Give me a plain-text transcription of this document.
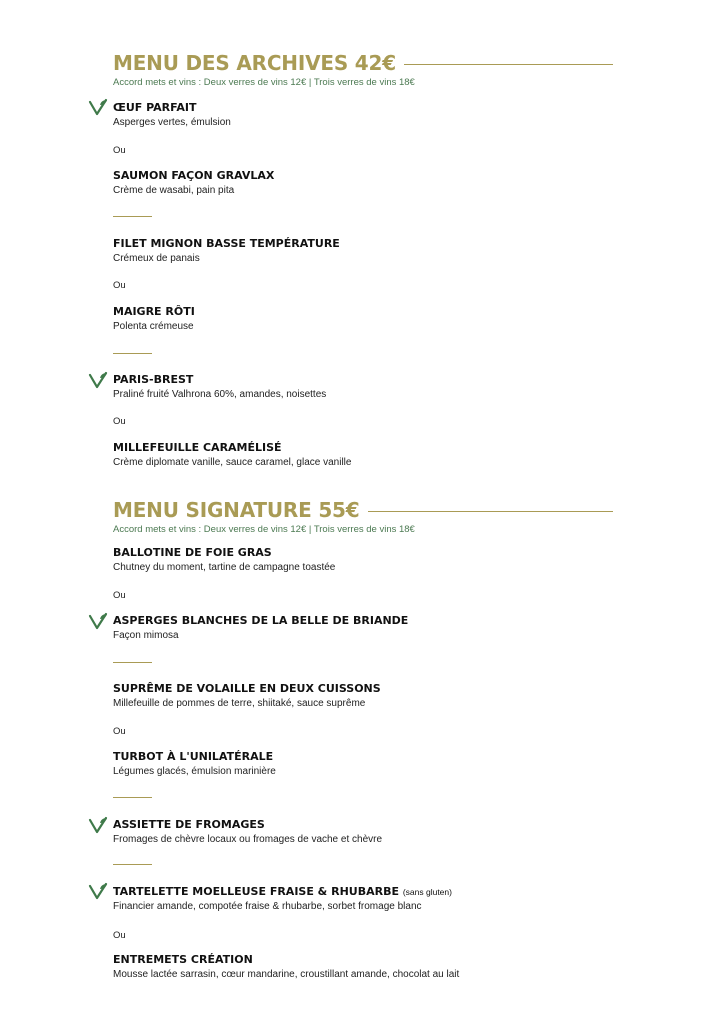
MENU DES ARCHIVES 42€
Accord mets et vins : Deux verres de vins 12€ | Trois verres de vins 18€
ŒUF PARFAIT
Asperges vertes, émulsion
Ou
SAUMON FAÇON GRAVLAX
Crème de wasabi, pain pita
FILET MIGNON BASSE TEMPÉRATURE
Crémeux de panais
Ou
MAIGRE RÔTI
Polenta crémeuse
PARIS-BREST
Praliné fruité Valhrona 60%, amandes, noisettes
Ou
MILLEFEUILLE CARAMÉLISÉ
Crème diplomate vanille, sauce caramel, glace vanille
MENU SIGNATURE 55€
Accord mets et vins : Deux verres de vins 12€ | Trois verres de vins 18€
BALLOTINE DE FOIE GRAS
Chutney du moment, tartine de campagne toastée
Ou
ASPERGES BLANCHES DE LA BELLE DE BRIANDE
Façon mimosa
SUPRÊME DE VOLAILLE EN DEUX CUISSONS
Millefeuille de pommes de terre, shiitaké, sauce suprême
Ou
TURBOT À L'UNILATÉRALE
Légumes glacés, émulsion marinière
ASSIETTE DE FROMAGES
Fromages de chèvre locaux ou fromages de vache et chèvre
TARTELETTE MOELLEUSE FRAISE & RHUBARBE (sans gluten)
Financier amande, compotée fraise & rhubarbe, sorbet fromage blanc
Ou
ENTREMETS CRÉATION
Mousse lactée sarrasin, cœur mandarine, croustillant amande, chocolat au lait
